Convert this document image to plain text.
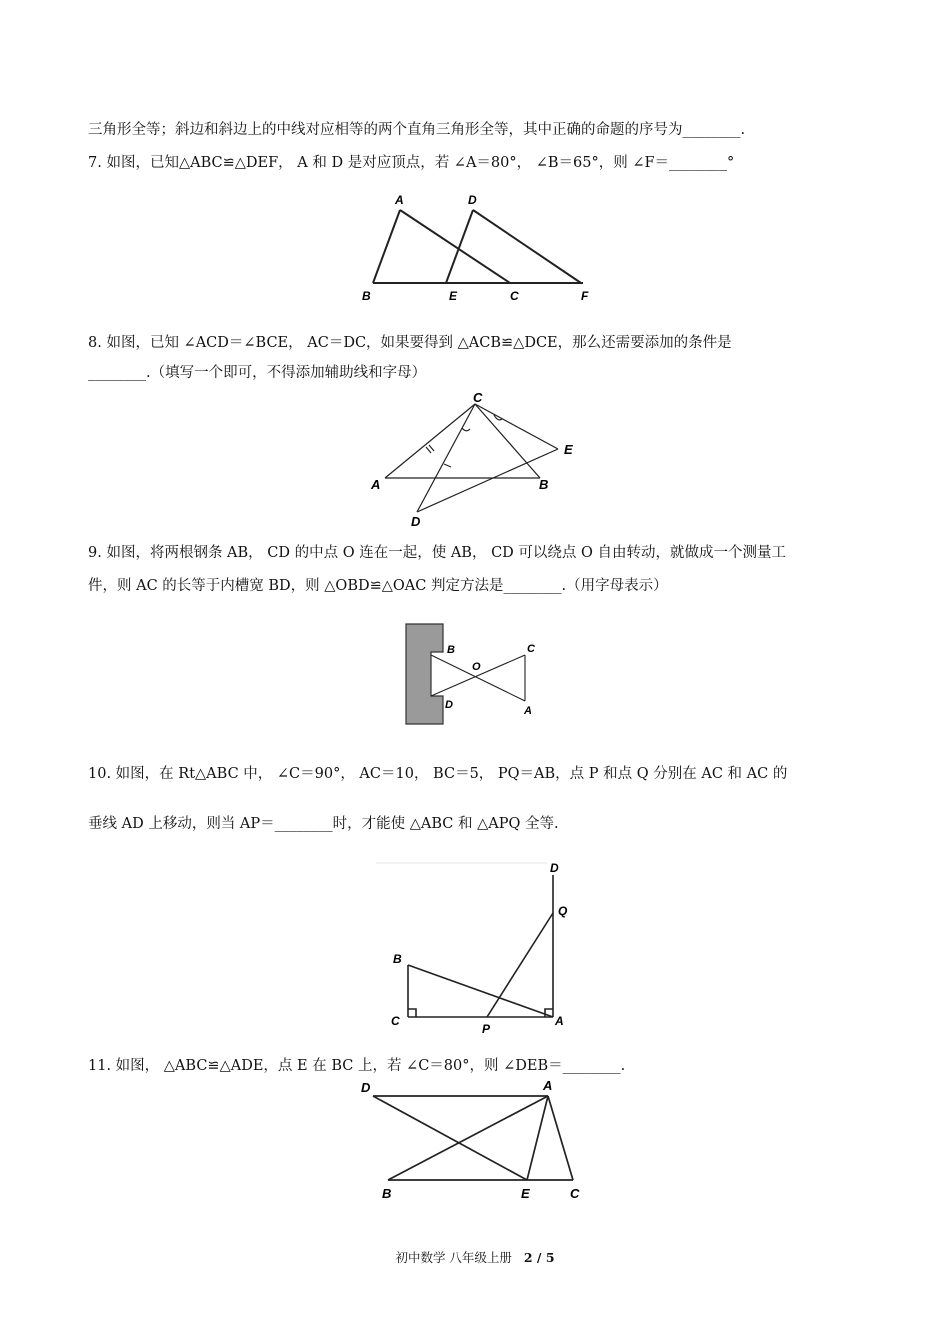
三角形全等；斜边和斜边上的中线对应相等的两个直角三角形全等，其中正确的命题的序号为________.
7. 如图，已知△ABC≌△DEF， A 和 D 是对应顶点，若 ∠A＝80°， ∠B＝65°，则 ∠F＝________°
A	D
B	E	C	F
8. 如图，已知 ∠ACD＝∠BCE， AC＝DC，如果要得到 △ACB≌△DCE，那么还需要添加的条件是
________.（填写一个即可，不得添加辅助线和字母）
C
E
A	B
D
9. 如图，将两根钢条 AB， CD 的中点 O 连在一起，使 AB， CD 可以绕点 O 自由转动，就做成一个测量工
件，则 AC 的长等于内槽宽 BD，则 △OBD≌△OAC 判定方法是________.（用字母表示）
B
O
C
D	A
10. 如图，在 Rt△ABC 中， ∠C＝90°， AC＝10， BC＝5， PQ＝AB，点 P 和点 Q 分别在 AC 和 AC 的
垂线 AD 上移动，则当 AP＝________时，才能使 △ABC 和 △APQ 全等.
D
Q
B
C
P
A
11. 如图， △ABC≌△ADE，点 E 在 BC 上，若 ∠C＝80°，则 ∠DEB＝________.
D	A
B	E	C
初中数学 八年级上册 2 / 5
